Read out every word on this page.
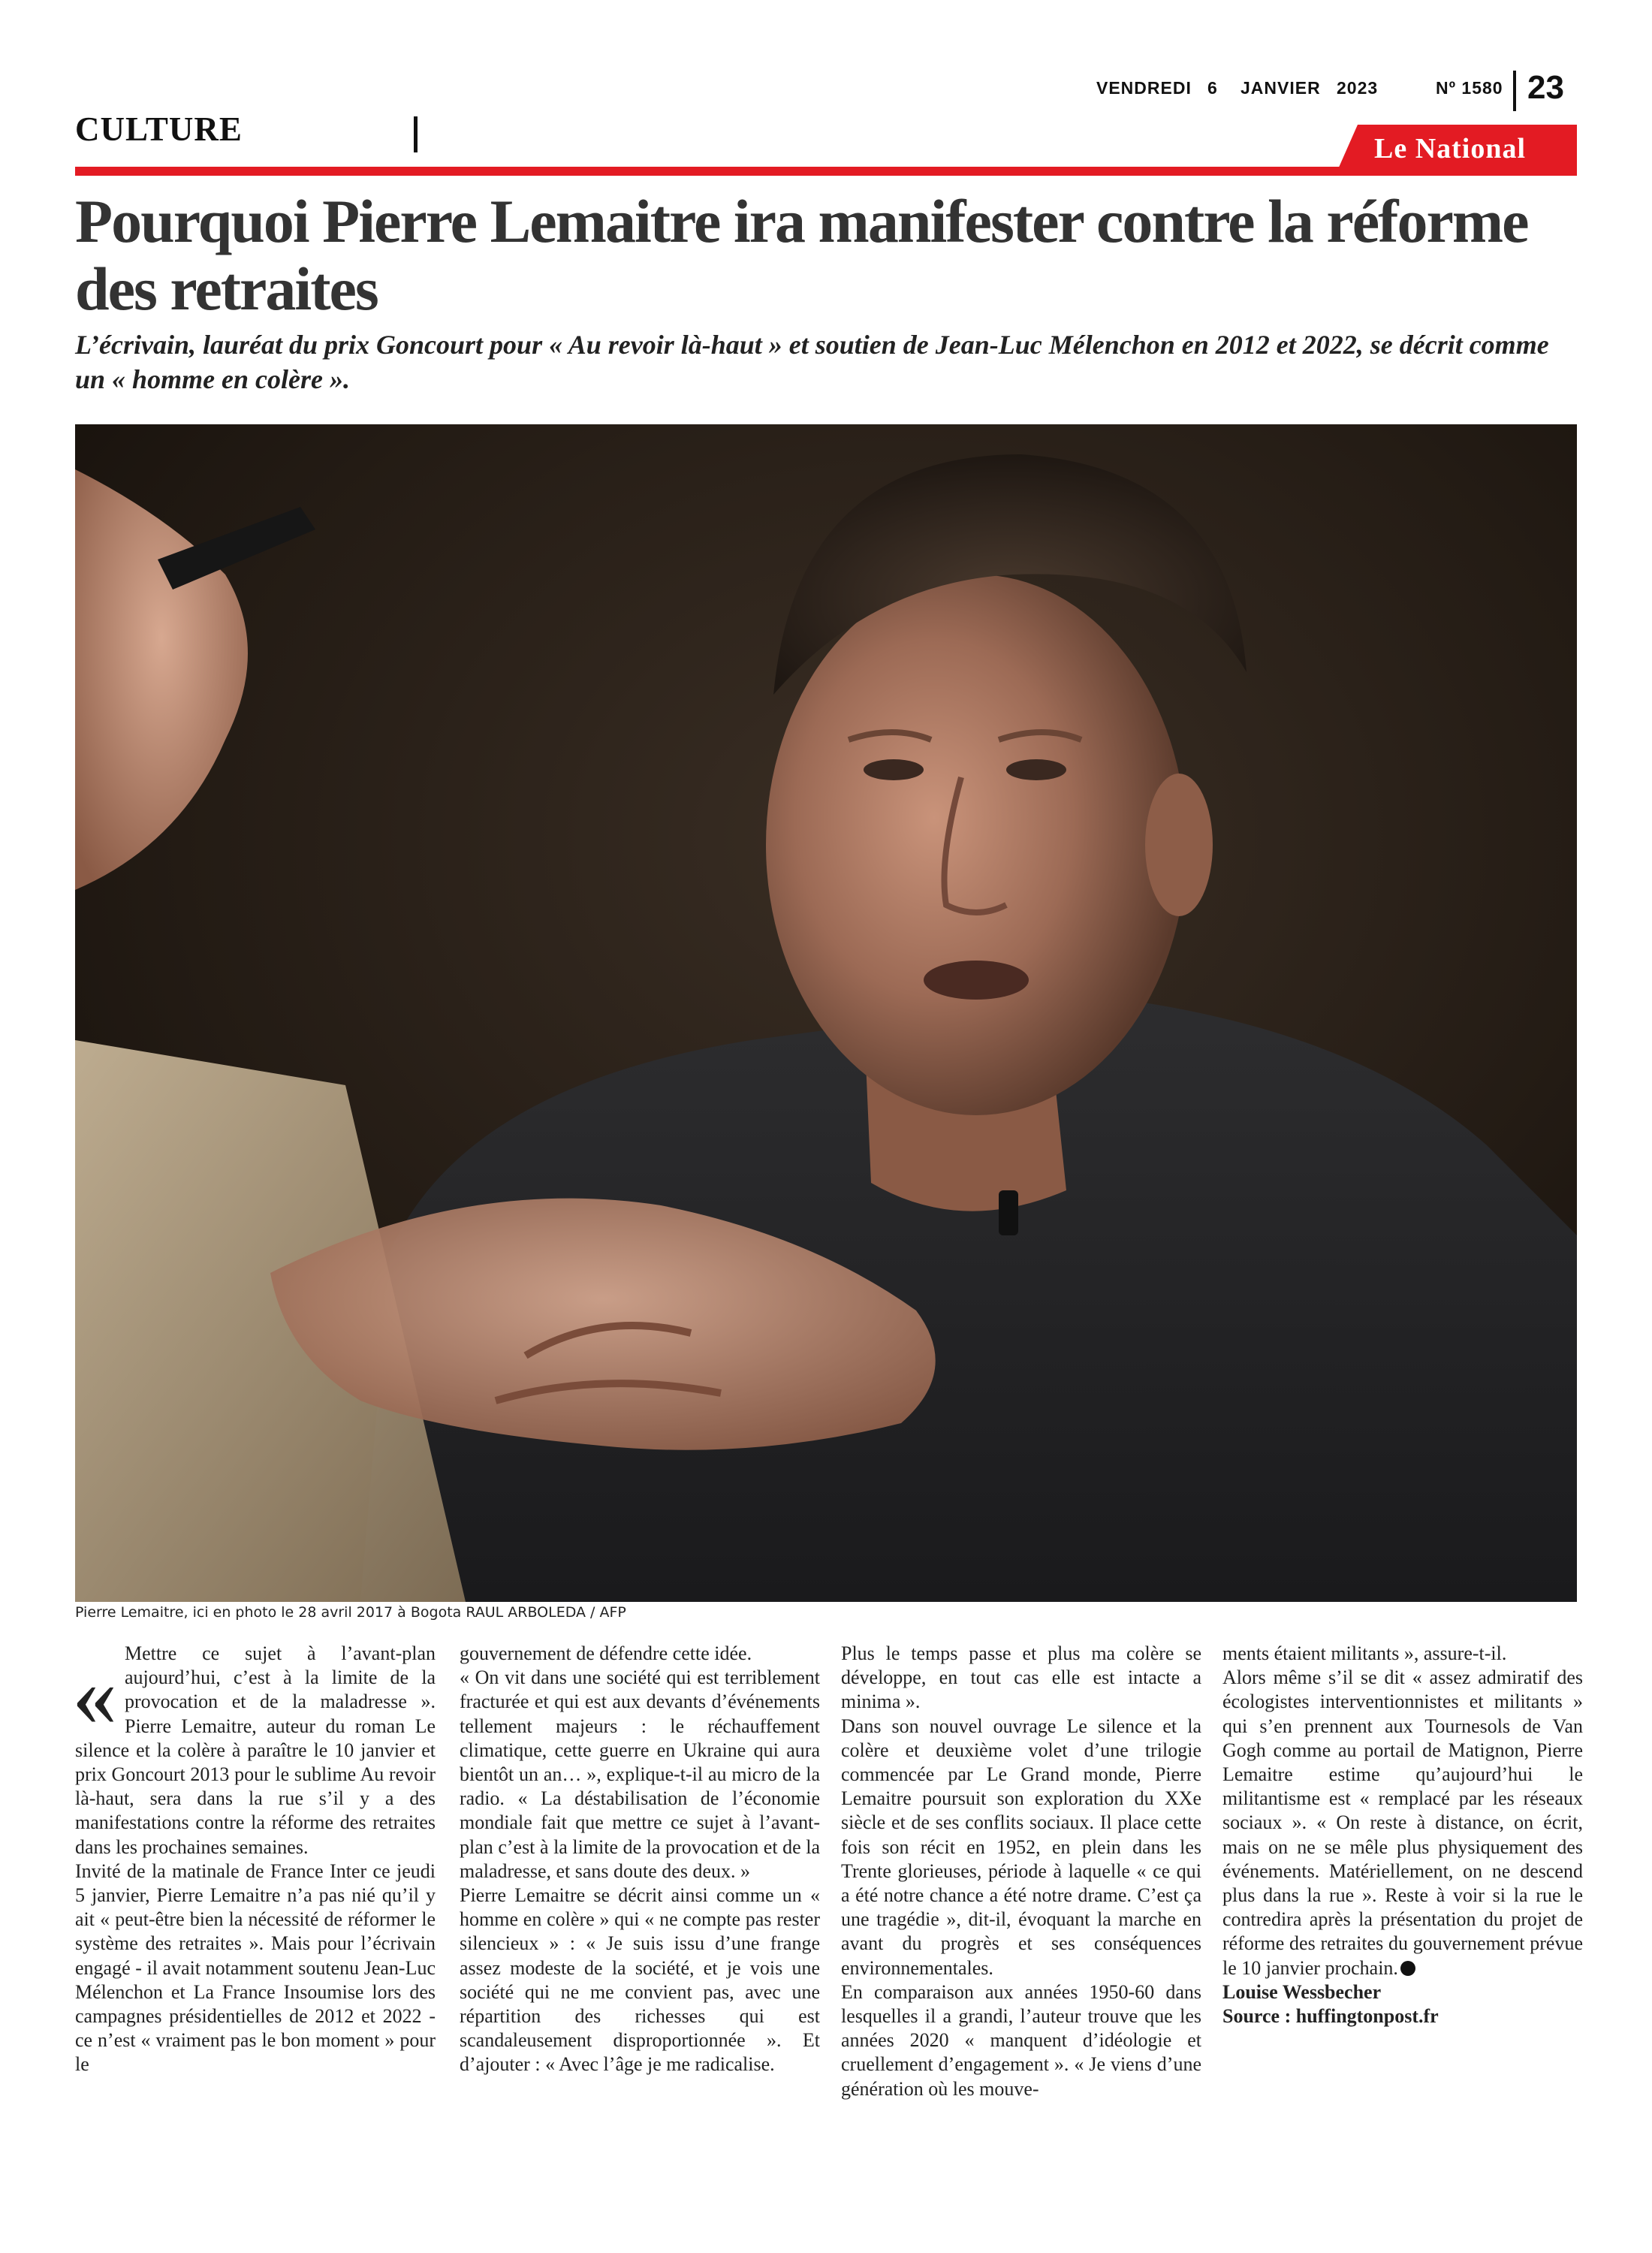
VENDREDI 6 JANVIER 2023	Nº 1580 23
CULTURE
Le National
Pourquoi Pierre Lemaitre ira manifester contre la réforme des retraites
L’écrivain, lauréat du prix Goncourt pour « Au revoir là-haut » et soutien de Jean-Luc Mélenchon en 2012 et 2022, se décrit comme un « homme en colère ».
Pierre Lemaitre, ici en photo le 28 avril 2017 à Bogota RAUL ARBOLEDA / AFP
« Mettre ce sujet à l’avant-plan aujourd’hui, c’est à la limite de la provocation et de la maladresse ». Pierre Lemaitre, auteur du roman Le silence et la colère à paraître le 10 janvier et prix Goncourt 2013 pour le sublime Au revoir là-haut, sera dans la rue s’il y a des manifestations contre la réforme des retraites dans les prochaines semaines.

Invité de la matinale de France Inter ce jeudi 5 janvier, Pierre Lemaitre n’a pas nié qu’il y ait « peut-être bien la nécessité de réformer le système des retraites ». Mais pour l’écrivain engagé - il avait notamment soutenu Jean-Luc Mélenchon et La France Insoumise lors des campagnes présidentielles de 2012 et 2022 - ce n’est « vraiment pas le bon moment » pour le

gouvernement de défendre cette idée.

« On vit dans une société qui est terriblement fracturée et qui est aux devants d’événements tellement majeurs : le réchauffement climatique, cette guerre en Ukraine qui aura bientôt un an… », explique-t-il au micro de la radio. « La déstabilisation de l’économie mondiale fait que mettre ce sujet à l’avant-plan c’est à la limite de la provocation et de la maladresse, et sans doute des deux. »

Pierre Lemaitre se décrit ainsi comme un « homme en colère » qui « ne compte pas rester silencieux » : « Je suis issu d’une frange assez modeste de la société, et je vois une société qui ne me convient pas, avec une répartition des richesses qui est scandaleusement disproportionnée ». Et d’ajouter : « Avec l’âge je me radicalise.

Plus le temps passe et plus ma colère se développe, en tout cas elle est intacte a minima ».

Dans son nouvel ouvrage Le silence et la colère et deuxième volet d’une trilogie commencée par Le Grand monde, Pierre Lemaitre poursuit son exploration du XXe siècle et de ses conflits sociaux. Il place cette fois son récit en 1952, en plein dans les Trente glorieuses, période à laquelle « ce qui a été notre chance a été notre drame. C’est ça une tragédie », dit-il, évoquant la marche en avant du progrès et ses conséquences environnementales.

En comparaison aux années 1950-60 dans lesquelles il a grandi, l’auteur trouve que les années 2020 « manquent d’idéologie et cruellement d’engagement ». « Je viens d’une génération où les mouve-

ments étaient militants », assure-t-il.

Alors même s’il se dit « assez admiratif des écologistes interventionnistes et militants » qui s’en prennent aux Tournesols de Van Gogh comme au portail de Matignon, Pierre Lemaitre estime qu’aujourd’hui le militantisme est « remplacé par les réseaux sociaux ». « On reste à distance, on écrit, mais on ne se mêle plus physiquement des événements. Matériellement, on ne descend plus dans la rue ». Reste à voir si la rue le contredira après la présentation du projet de réforme des retraites du gouvernement prévue le 10 janvier prochain.

Louise Wessbecher

Source : huffingtonpost.fr
